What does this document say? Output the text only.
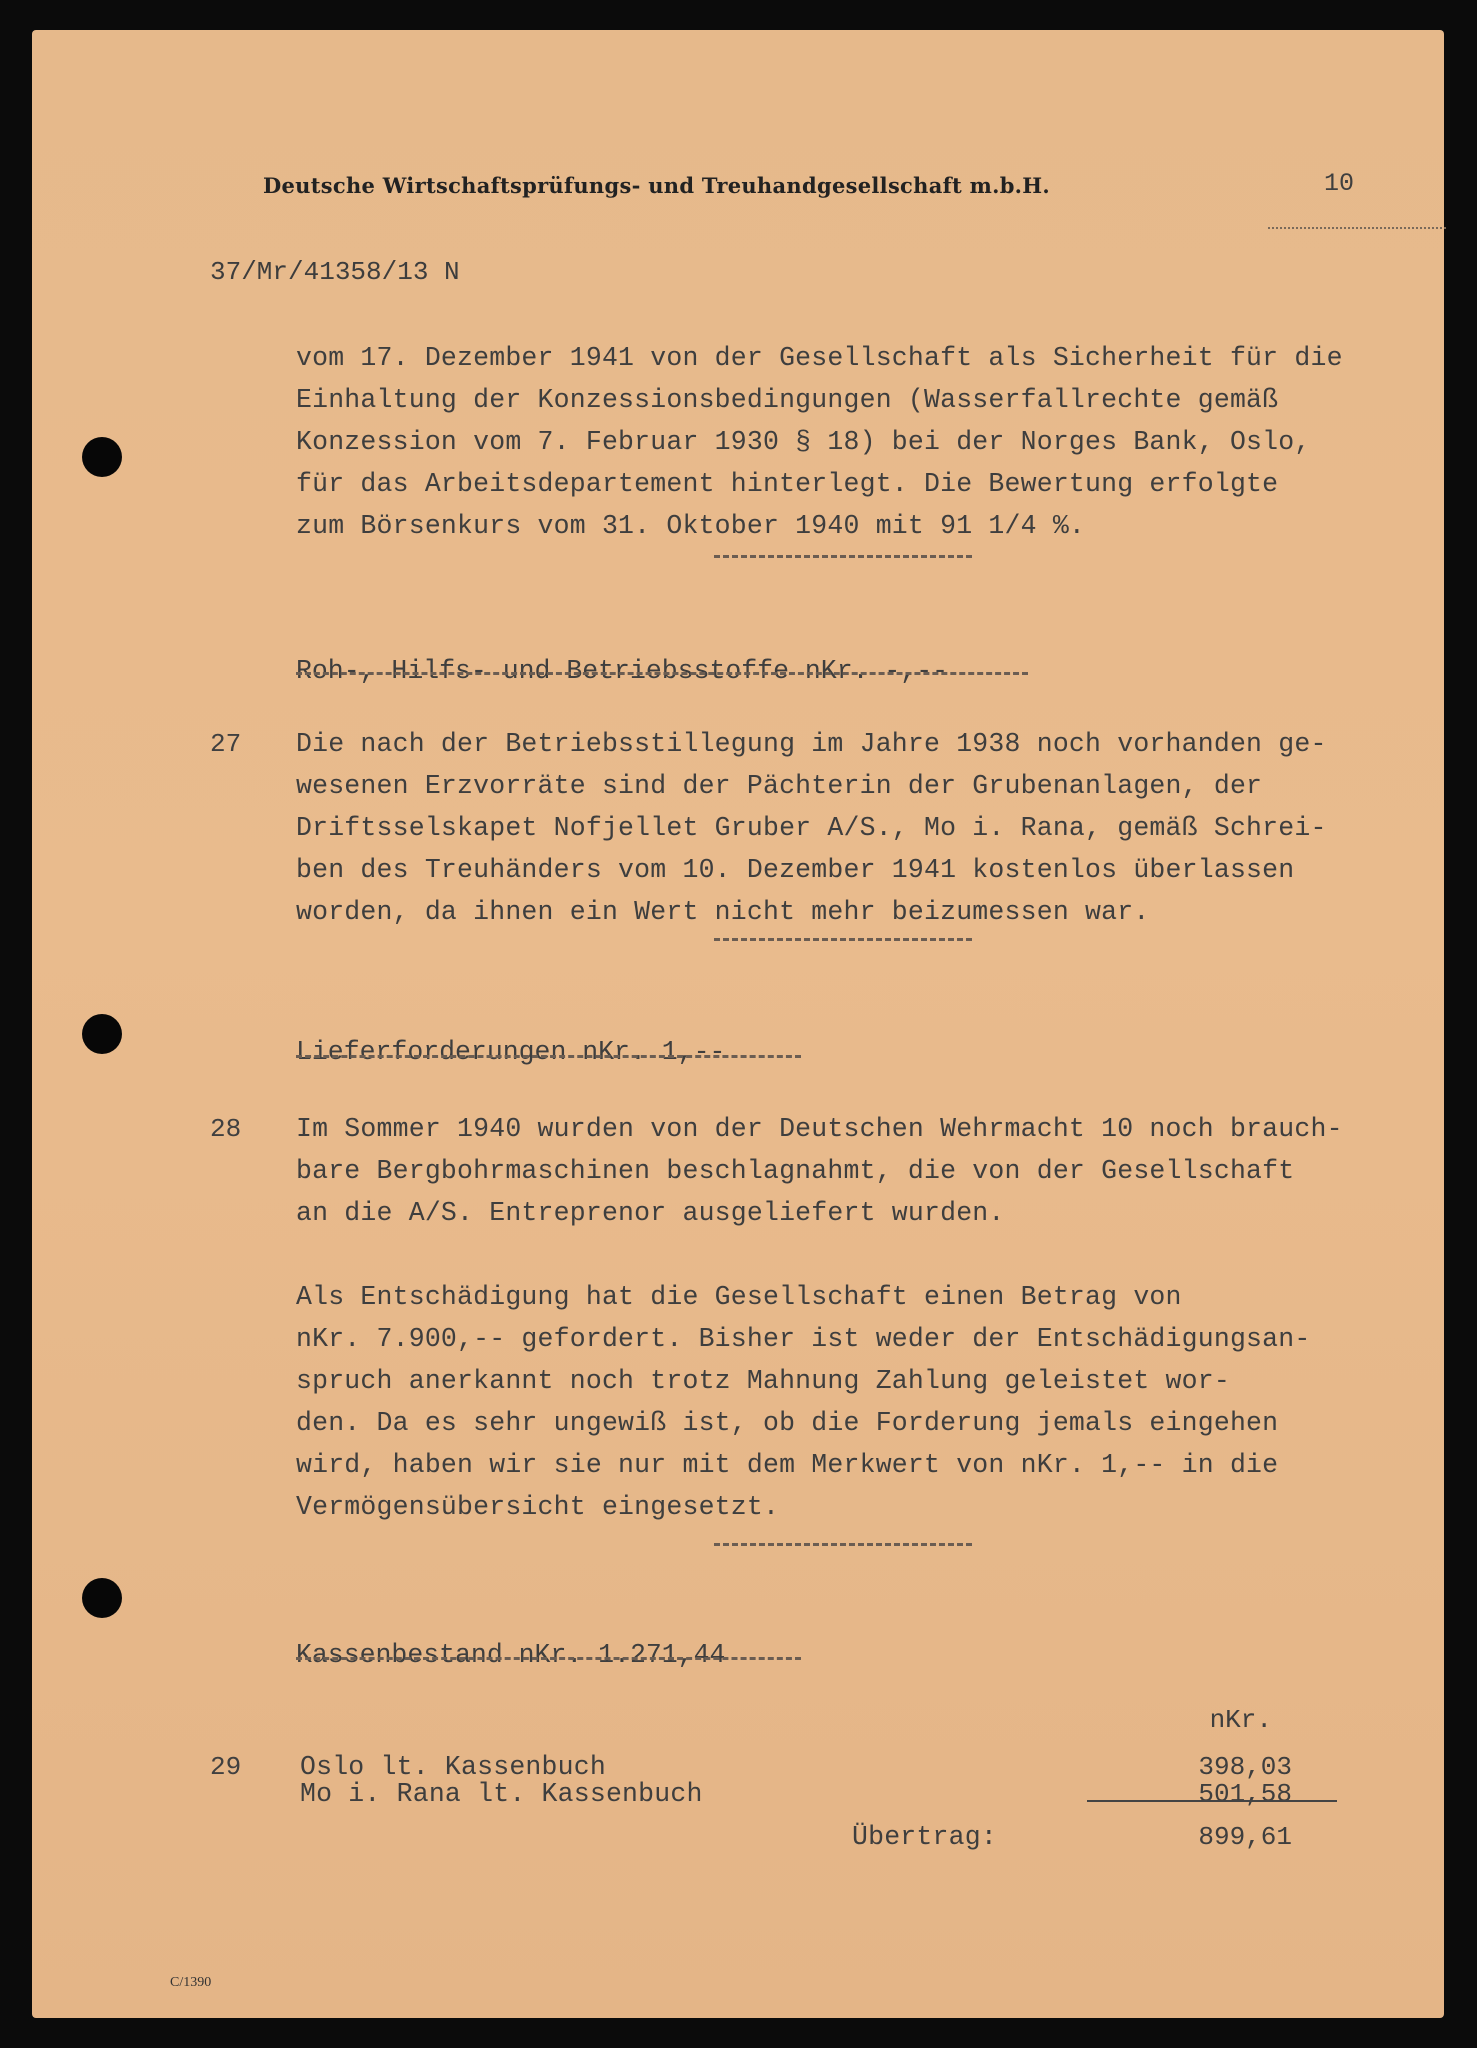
Deutsche Wirtschaftsprüfungs- und Treuhandgesellschaft m.b.H.	10
37/Mr/41358/13 N
vom 17. Dezember 1941 von der Gesellschaft als Sicherheit für die
Einhaltung der Konzessionsbedingungen (Wasserfallrechte gemäß
Konzession vom 7. Februar 1930 § 18) bei der Norges Bank, Oslo,
für das Arbeitsdepartement hinterlegt. Die Bewertung erfolgte
zum Börsenkurs vom 31. Oktober 1940 mit 91 1/4 %.
Roh-, Hilfs- und Betriebsstoffe nKr. -,--
27 Die nach der Betriebsstillegung im Jahre 1938 noch vorhanden ge-
wesenen Erzvorräte sind der Pächterin der Grubenanlagen, der
Driftsselskapet Nofjellet Gruber A/S., Mo i. Rana, gemäß Schrei-
ben des Treuhänders vom 10. Dezember 1941 kostenlos überlassen
worden, da ihnen ein Wert nicht mehr beizumessen war.
Lieferforderungen nKr. 1,--
28 Im Sommer 1940 wurden von der Deutschen Wehrmacht 10 noch brauch-
bare Bergbohrmaschinen beschlagnahmt, die von der Gesellschaft
an die A/S. Entreprenor ausgeliefert wurden.
Als Entschädigung hat die Gesellschaft einen Betrag von
nKr. 7.900,-- gefordert. Bisher ist weder der Entschädigungsan-
spruch anerkannt noch trotz Mahnung Zahlung geleistet wor-
den. Da es sehr ungewiß ist, ob die Forderung jemals eingehen
wird, haben wir sie nur mit dem Merkwert von nKr. 1,-- in die
Vermögensübersicht eingesetzt.
Kassenbestand nKr. 1.271,44
nKr.
29 Oslo lt. Kassenbuch	398,03
Mo i. Rana lt. Kassenbuch	501,58
Übertrag:	899,61
C/1390
